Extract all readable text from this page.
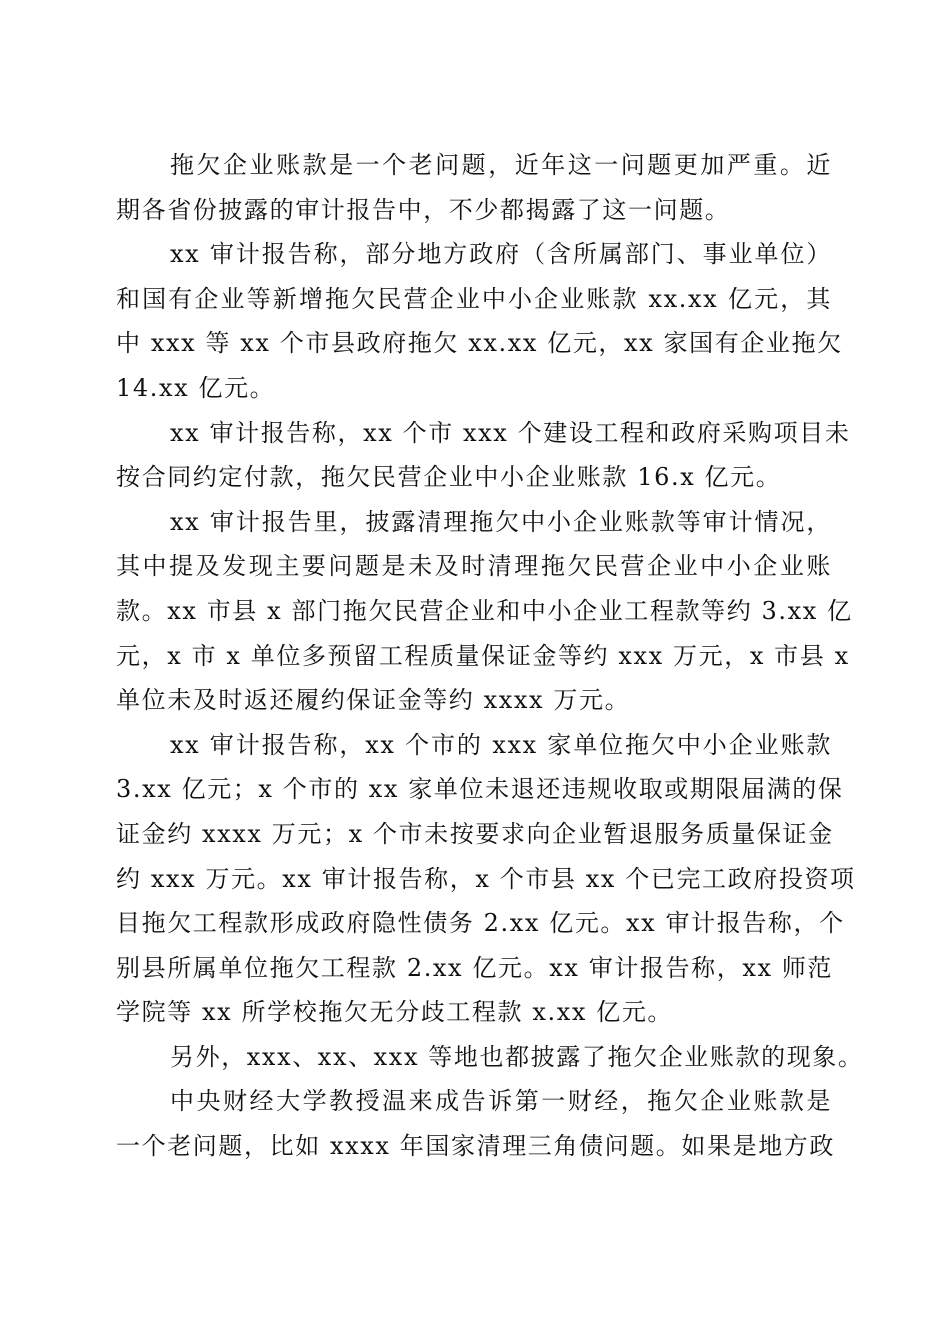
拖欠企业账款是一个老问题，近年这一问题更加严重。近
期各省份披露的审计报告中，不少都揭露了这一问题。
xx 审计报告称，部分地方政府（含所属部门、事业单位）
和国有企业等新增拖欠民营企业中小企业账款 xx.xx 亿元，其
中 xxx 等 xx 个市县政府拖欠 xx.xx 亿元，xx 家国有企业拖欠
14.xx 亿元。
xx 审计报告称，xx 个市 xxx 个建设工程和政府采购项目未
按合同约定付款，拖欠民营企业中小企业账款 16.x 亿元。
xx 审计报告里，披露清理拖欠中小企业账款等审计情况，
其中提及发现主要问题是未及时清理拖欠民营企业中小企业账
款。xx 市县 x 部门拖欠民营企业和中小企业工程款等约 3.xx 亿
元，x 市 x 单位多预留工程质量保证金等约 xxx 万元，x 市县 x
单位未及时返还履约保证金等约 xxxx 万元。
xx 审计报告称，xx 个市的 xxx 家单位拖欠中小企业账款
3.xx 亿元；x 个市的 xx 家单位未退还违规收取或期限届满的保
证金约 xxxx 万元；x 个市未按要求向企业暂退服务质量保证金
约 xxx 万元。xx 审计报告称，x 个市县 xx 个已完工政府投资项
目拖欠工程款形成政府隐性债务 2.xx 亿元。xx 审计报告称，个
别县所属单位拖欠工程款 2.xx 亿元。xx 审计报告称，xx 师范
学院等 xx 所学校拖欠无分歧工程款 x.xx 亿元。
另外，xxx、xx、xxx 等地也都披露了拖欠企业账款的现象。
中央财经大学教授温来成告诉第一财经，拖欠企业账款是
一个老问题，比如 xxxx 年国家清理三角债问题。如果是地方政
